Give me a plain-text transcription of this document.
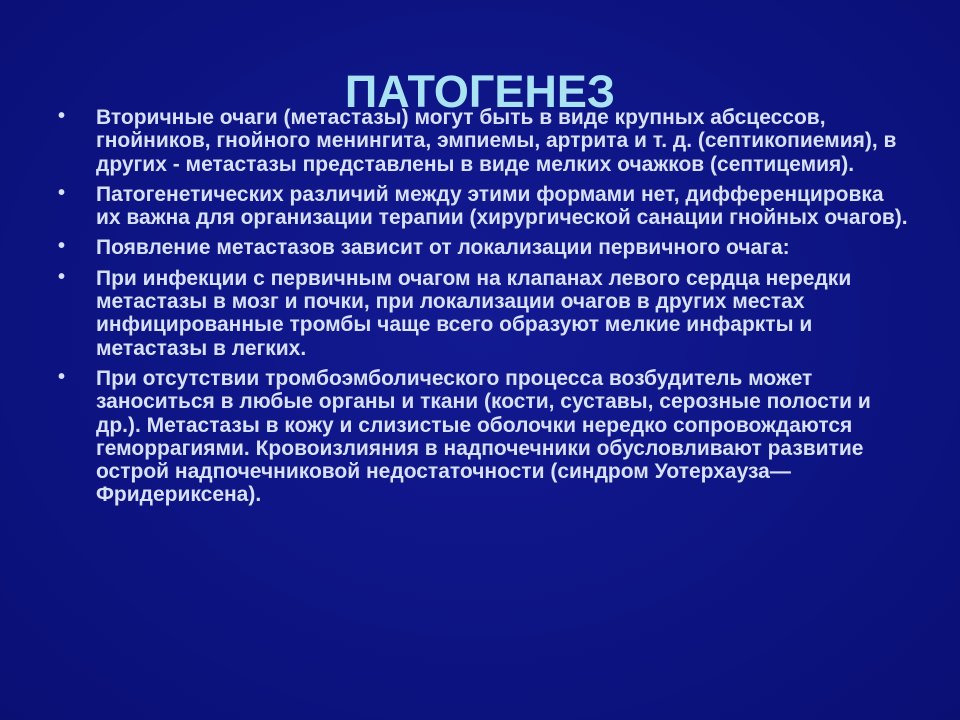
ПАТОГЕНЕЗ
• Вторичные очаги (метастазы) могут быть в виде крупных абсцессов, гнойников, гнойного менингита, эмпиемы, артрита и т. д. (септикопиемия), в других - метастазы представлены в виде мелких очажков (септицемия).
• Патогенетических различий между этими формами нет, дифференцировка их важна для организации терапии (хирургической санации гнойных очагов).
• Появление метастазов зависит от локализации первичного очага:
• При инфекции с первичным очагом на клапанах левого сердца нередки метастазы в мозг и почки, при локализации очагов в других местах инфицированные тромбы чаще всего образуют мелкие инфаркты и метастазы в легких.
• При отсутствии тромбоэмболического процесса возбудитель может заноситься в любые органы и ткани (кости, суставы, серозные полости и др.). Метастазы в кожу и слизистые оболочки нередко сопровождаются геморрагиями. Кровоизлияния в надпочечники обусловливают развитие острой надпочечниковой недостаточности (синдром Уотерхауза—Фридериксена).
